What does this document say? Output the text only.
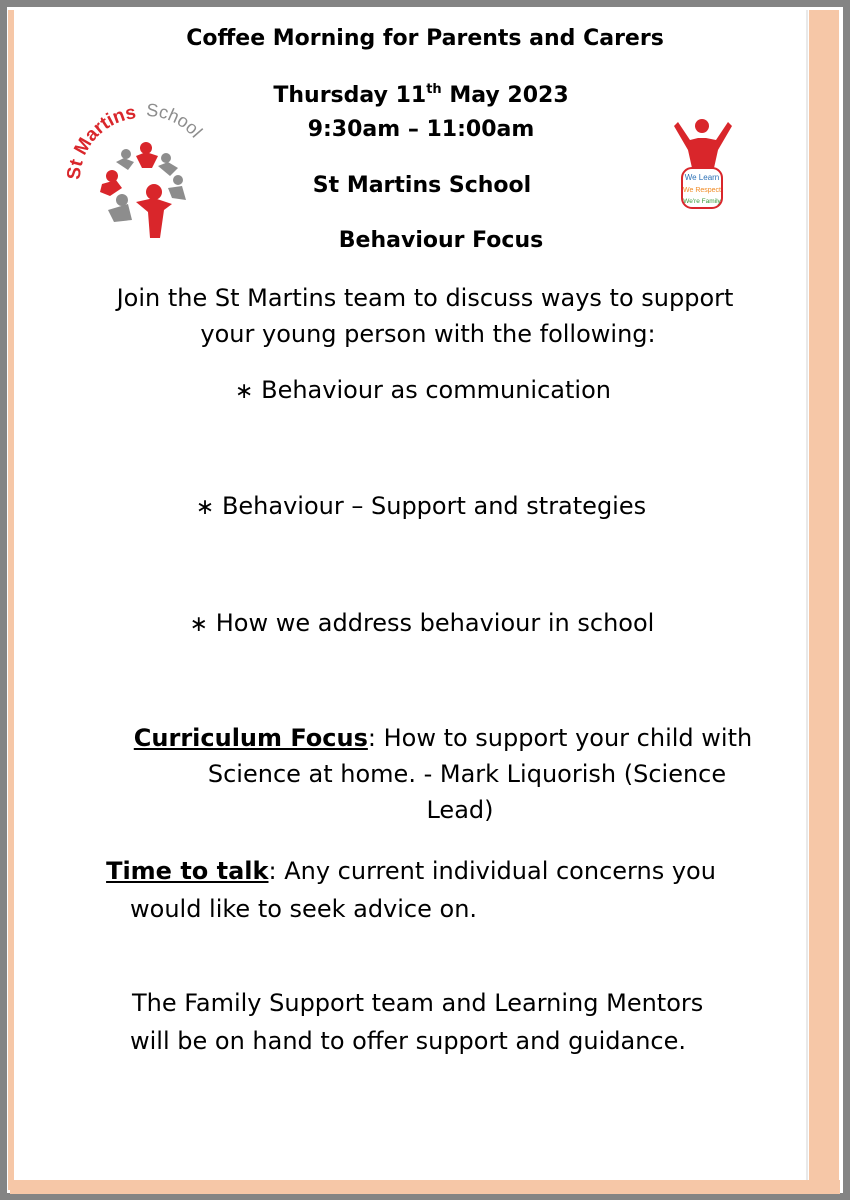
St Martins School
We Learn
We Respect
We're Family
Coffee Morning for Parents and Carers
Thursday 11th May 2023
9:30am – 11:00am
St Martins School
Behaviour Focus
Join the St Martins team to discuss ways to support
your young person with the following:
∗ Behaviour as communication
∗ Behaviour – Support and strategies
∗ How we address behaviour in school
Curriculum Focus: How to support your child with
Science at home. - Mark Liquorish (Science
Lead)
Time to talk: Any current individual concerns you
would like to seek advice on.
The Family Support team and Learning Mentors
will be on hand to offer support and guidance.
